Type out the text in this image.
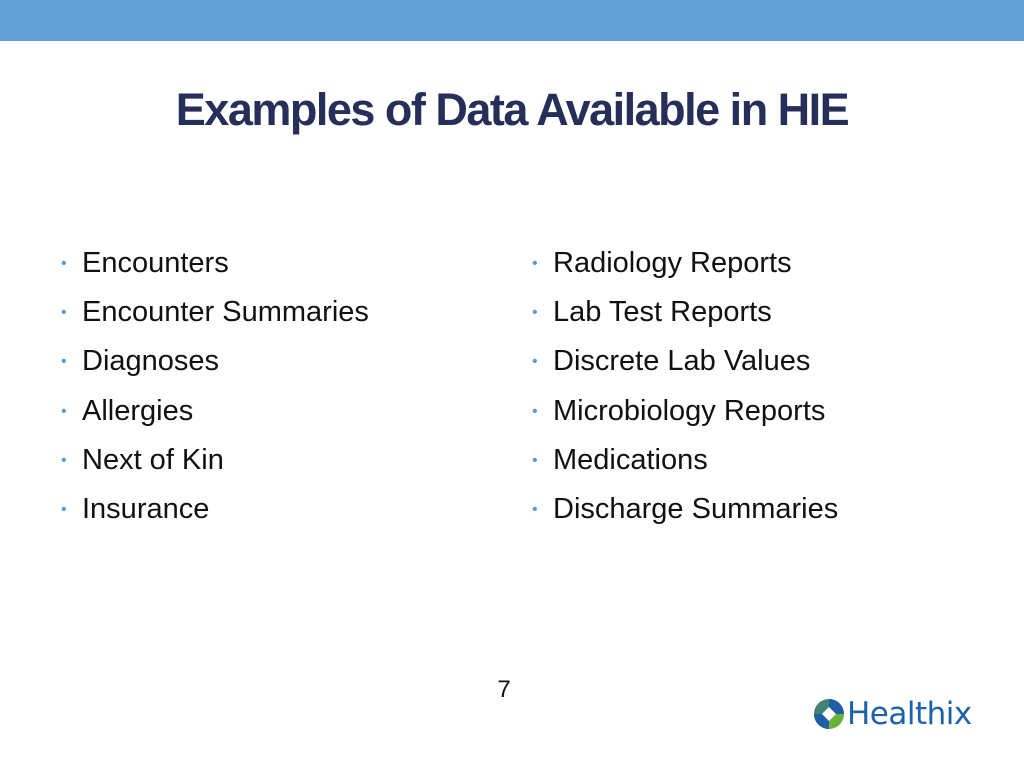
Examples of Data Available in HIE
• Encounters
• Encounter Summaries
• Diagnoses
• Allergies
• Next of Kin
• Insurance
• Radiology Reports
• Lab Test Reports
• Discrete Lab Values
• Microbiology Reports
• Medications
• Discharge Summaries
7
Healthix
